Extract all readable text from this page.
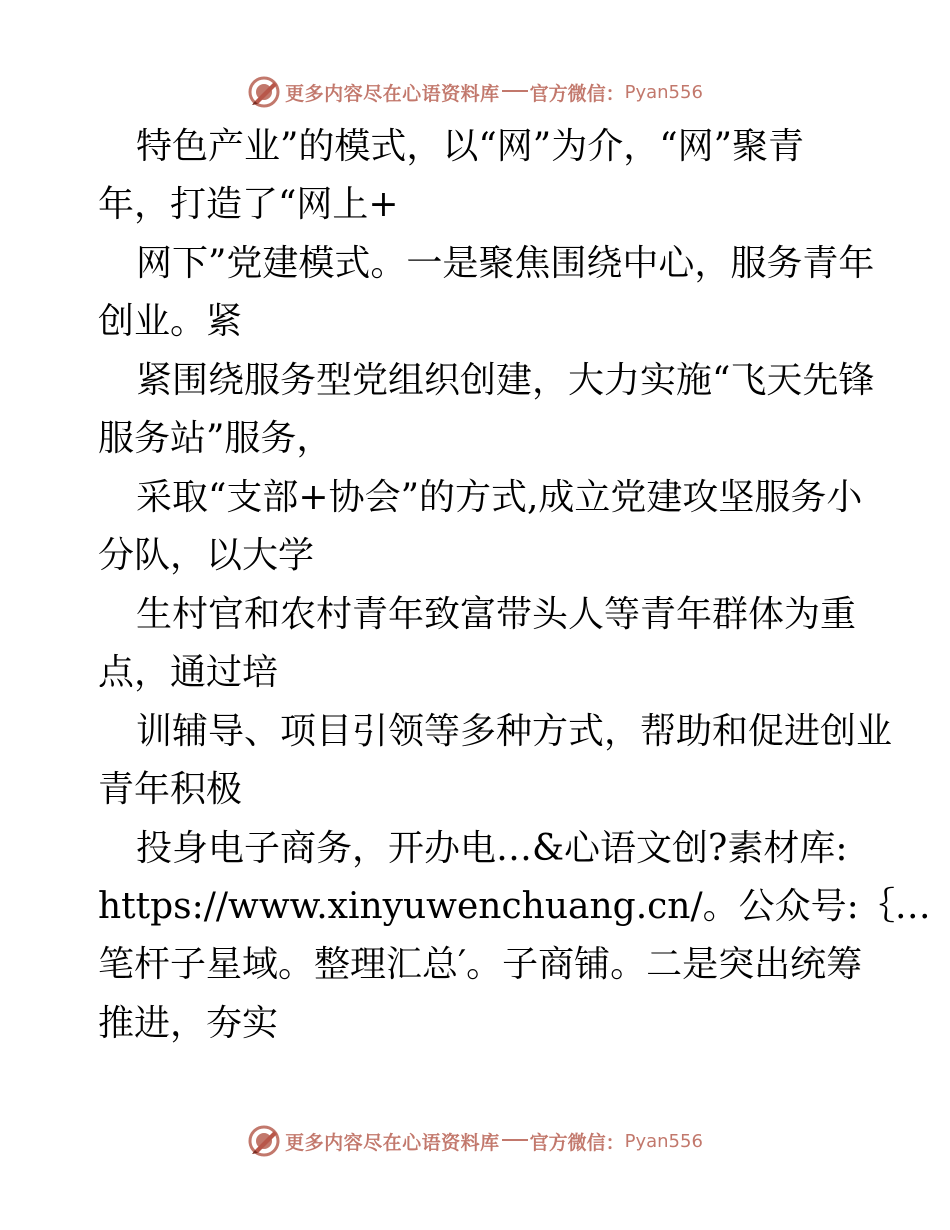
更多内容尽在心语资料库 官方微信： Pyan556
特色产业”的模式，以“网”为介，“网”聚青
年，打造了“网上+
网下”党建模式。一是聚焦围绕中心，服务青年
创业。紧
紧围绕服务型党组织创建，大力实施“飞天先锋
服务站”服务，
采取“支部+协会”的方式,成立党建攻坚服务小
分队，以大学
生村官和农村青年致富带头人等青年群体为重
点，通过培
训辅导、项目引领等多种方式，帮助和促进创业
青年积极
投身电子商务，开办电…&心语文创?素材库:
https://www.xinyuwenchuang.cn/。公众号:｛…
笔杆子星域。整理汇总′。子商铺。二是突出统筹
推进，夯实
更多内容尽在心语资料库 官方微信： Pyan556
